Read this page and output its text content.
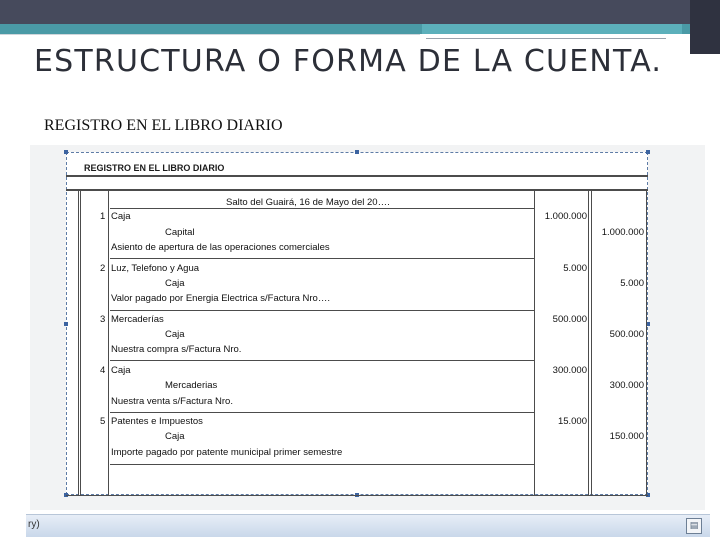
ESTRUCTURA O FORMA DE LA CUENTA.
REGISTRO EN EL LIBRO DIARIO
REGISTRO EN EL LIBRO DIARIO
Salto del Guairá, 16 de Mayo del 20….
1 Caja
Capital
Asiento de apertura de las operaciones comerciales
1.000.000
1.000.000
2 Luz, Telefono y Agua
Caja
Valor pagado por Energia Electrica s/Factura Nro….
5.000
5.000
3 Mercaderías
Caja
Nuestra compra s/Factura Nro.
500.000
500.000
4 Caja
Mercaderias
Nuestra venta s/Factura Nro.
300.000
300.000
5 Patentes e Impuestos
Caja
Importe pagado por patente municipal primer semestre
15.000
150.000
ry)	▤
